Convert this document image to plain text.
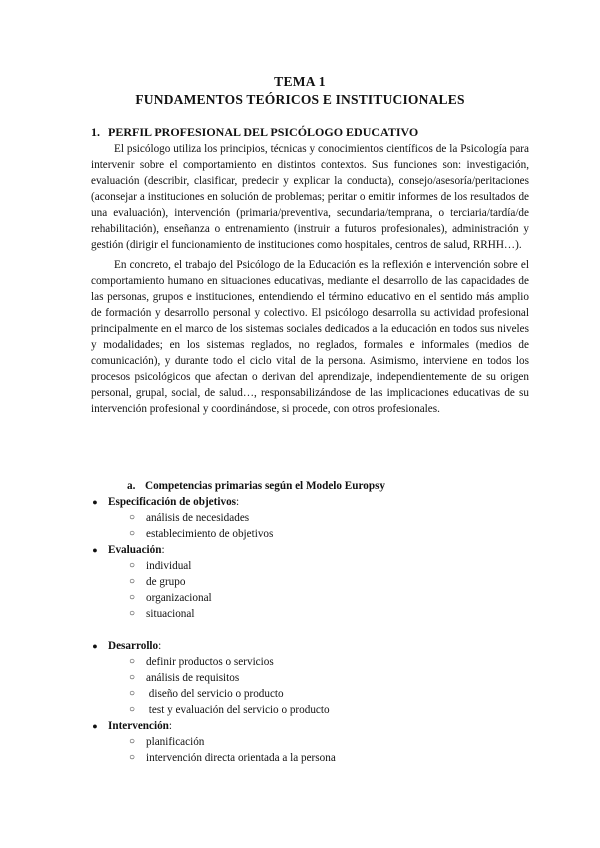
TEMA 1
FUNDAMENTOS TEÓRICOS E INSTITUCIONALES
1. PERFIL PROFESIONAL DEL PSICÓLOGO EDUCATIVO
El psicólogo utiliza los principios, técnicas y conocimientos científicos de la Psicología para intervenir sobre el comportamiento en distintos contextos. Sus funciones son: investigación, evaluación (describir, clasificar, predecir y explicar la conducta), consejo/asesoría/peritaciones (aconsejar a instituciones en solución de problemas; peritar o emitir informes de los resultados de una evaluación), intervención (primaria/preventiva, secundaria/temprana, o terciaria/tardía/de rehabilitación), enseñanza o entrenamiento (instruir a futuros profesionales), administración y gestión (dirigir el funcionamiento de instituciones como hospitales, centros de salud, RRHH…).
En concreto, el trabajo del Psicólogo de la Educación es la reflexión e intervención sobre el comportamiento humano en situaciones educativas, mediante el desarrollo de las capacidades de las personas, grupos e instituciones, entendiendo el término educativo en el sentido más amplio de formación y desarrollo personal y colectivo. El psicólogo desarrolla su actividad profesional principalmente en el marco de los sistemas sociales dedicados a la educación en todos sus niveles y modalidades; en los sistemas reglados, no reglados, formales e informales (medios de comunicación), y durante todo el ciclo vital de la persona. Asimismo, interviene en todos los procesos psicológicos que afectan o derivan del aprendizaje, independientemente de su origen personal, grupal, social, de salud…, responsabilizándose de las implicaciones educativas de su intervención profesional y coordinándose, si procede, con otros profesionales.
a. Competencias primarias según el Modelo Europsy
● Especificación de objetivos:
○ análisis de necesidades
○ establecimiento de objetivos
● Evaluación:
○ individual
○ de grupo
○ organizacional
○ situacional
● Desarrollo:
○ definir productos o servicios
○ análisis de requisitos
○ diseño del servicio o producto
○ test y evaluación del servicio o producto
● Intervención:
○ planificación
○ intervención directa orientada a la persona
